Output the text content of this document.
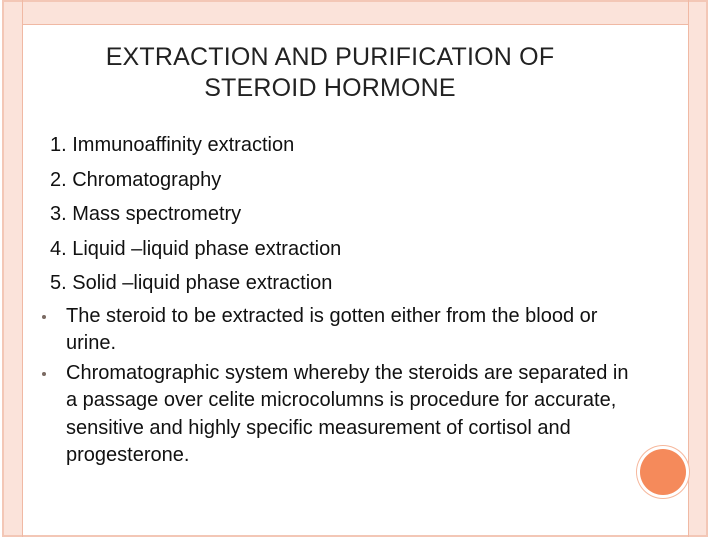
EXTRACTION AND PURIFICATION OF
STEROID HORMONE
1. Immunoaffinity extraction
2. Chromatography
3. Mass spectrometry
4. Liquid –liquid phase extraction
5. Solid –liquid phase extraction
The steroid to be extracted is gotten either from the blood or urine.
Chromatographic system whereby the steroids are separated in a passage over celite microcolumns is procedure for accurate, sensitive and highly specific measurement of cortisol and progesterone.
